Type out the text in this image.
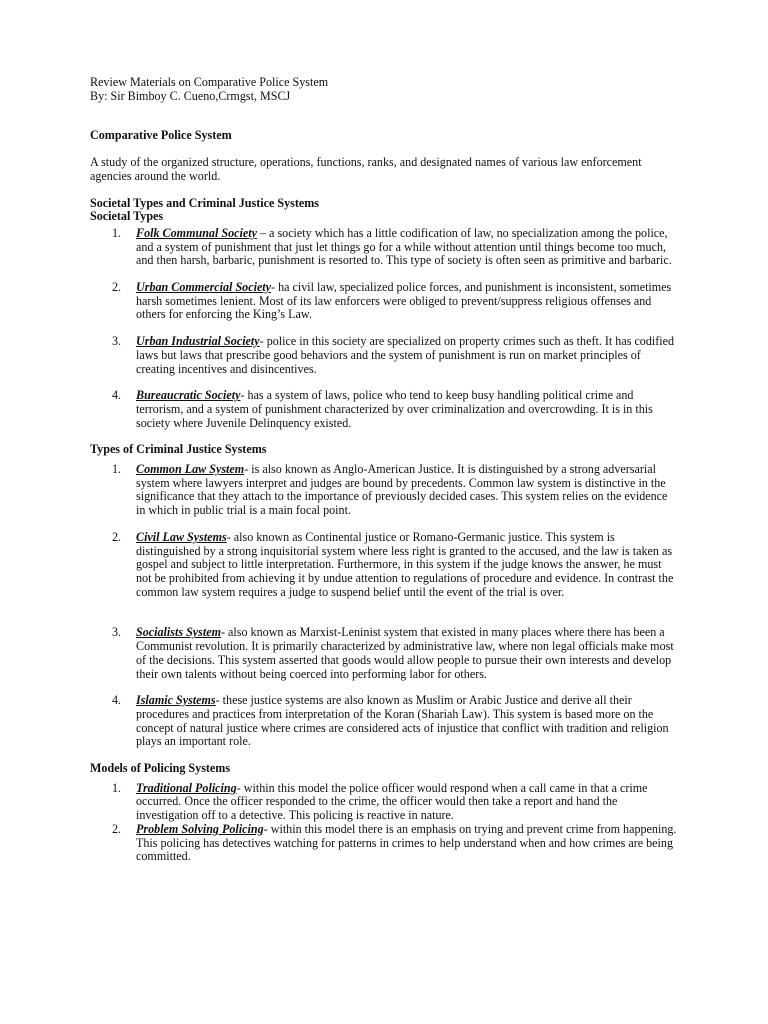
Review Materials on Comparative Police System

By: Sir Bimboy C. Cueno,Crmgst, MSCJ

Comparative Police System

A study of the organized structure, operations, functions, ranks, and designated names of various law enforcement agencies around the world.

Societal Types and Criminal Justice Systems

Societal Types

1. Folk Communal Society – a society which has a little codification of law, no specialization among the police, and a system of punishment that just let things go for a while without attention until things become too much, and then harsh, barbaric, punishment is resorted to. This type of society is often seen as primitive and barbaric.
2. Urban Commercial Society- ha civil law, specialized police forces, and punishment is inconsistent, sometimes harsh sometimes lenient. Most of its law enforcers were obliged to prevent/suppress religious offenses and others for enforcing the King’s Law.
3. Urban Industrial Society- police in this society are specialized on property crimes such as theft. It has codified laws but laws that prescribe good behaviors and the system of punishment is run on market principles of creating incentives and disincentives.
4. Bureaucratic Society- has a system of laws, police who tend to keep busy handling political crime and terrorism, and a system of punishment characterized by over criminalization and overcrowding. It is in this society where Juvenile Delinquency existed.

Types of Criminal Justice Systems

1. Common Law System- is also known as Anglo-American Justice. It is distinguished by a strong adversarial system where lawyers interpret and judges are bound by precedents. Common law system is distinctive in the significance that they attach to the importance of previously decided cases. This system relies on the evidence in which in public trial is a main focal point.
2. Civil Law Systems- also known as Continental justice or Romano-Germanic justice. This system is distinguished by a strong inquisitorial system where less right is granted to the accused, and the law is taken as gospel and subject to little interpretation. Furthermore, in this system if the judge knows the answer, he must not be prohibited from achieving it by undue attention to regulations of procedure and evidence. In contrast the common law system requires a judge to suspend belief until the event of the trial is over.
3. Socialists System- also known as Marxist-Leninist system that existed in many places where there has been a Communist revolution. It is primarily characterized by administrative law, where non legal officials make most of the decisions. This system asserted that goods would allow people to pursue their own interests and develop their own talents without being coerced into performing labor for others.
4. Islamic Systems- these justice systems are also known as Muslim or Arabic Justice and derive all their procedures and practices from interpretation of the Koran (Shariah Law). This system is based more on the concept of natural justice where crimes are considered acts of injustice that conflict with tradition and religion plays an important role.

Models of Policing Systems

1. Traditional Policing- within this model the police officer would respond when a call came in that a crime occurred. Once the officer responded to the crime, the officer would then take a report and hand the investigation off to a detective. This policing is reactive in nature.
2. Problem Solving Policing- within this model there is an emphasis on trying and prevent crime from happening. This policing has detectives watching for patterns in crimes to help understand when and how crimes are being committed.
